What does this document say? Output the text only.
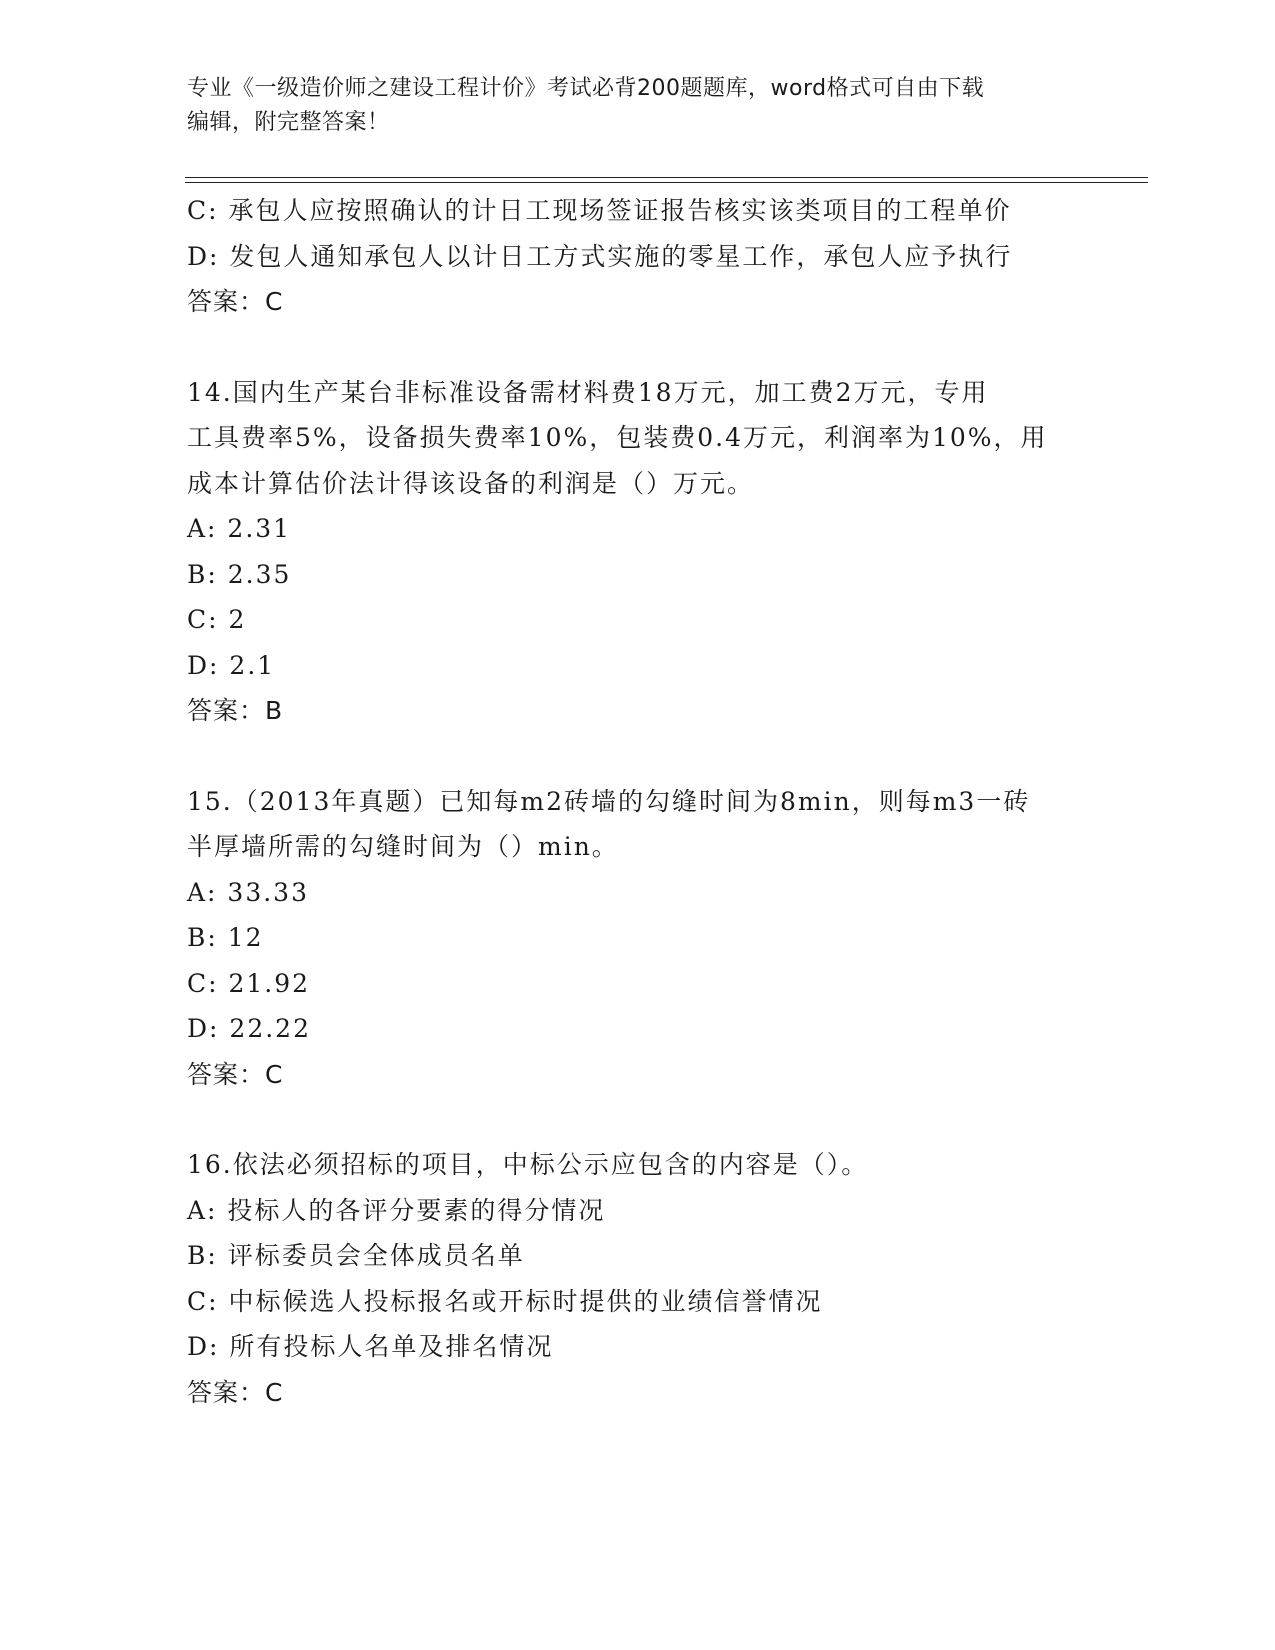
专业《一级造价师之建设工程计价》考试必背200题题库，word格式可自由下载
编辑，附完整答案！
C: 承包人应按照确认的计日工现场签证报告核实该类项目的工程单价
D: 发包人通知承包人以计日工方式实施的零星工作，承包人应予执行
答案：C
14.国内生产某台非标准设备需材料费18万元，加工费2万元，专用
工具费率5%，设备损失费率10%，包装费0.4万元，利润率为10%，用
成本计算估价法计得该设备的利润是（）万元。
A: 2.31
B: 2.35
C: 2
D: 2.1
答案：B
15.（2013年真题）已知每m2砖墙的勾缝时间为8min，则每m3一砖
半厚墙所需的勾缝时间为（）min。
A: 33.33
B: 12
C: 21.92
D: 22.22
答案：C
16.依法必须招标的项目，中标公示应包含的内容是（）。
A: 投标人的各评分要素的得分情况
B: 评标委员会全体成员名单
C: 中标候选人投标报名或开标时提供的业绩信誉情况
D: 所有投标人名单及排名情况
答案：C
